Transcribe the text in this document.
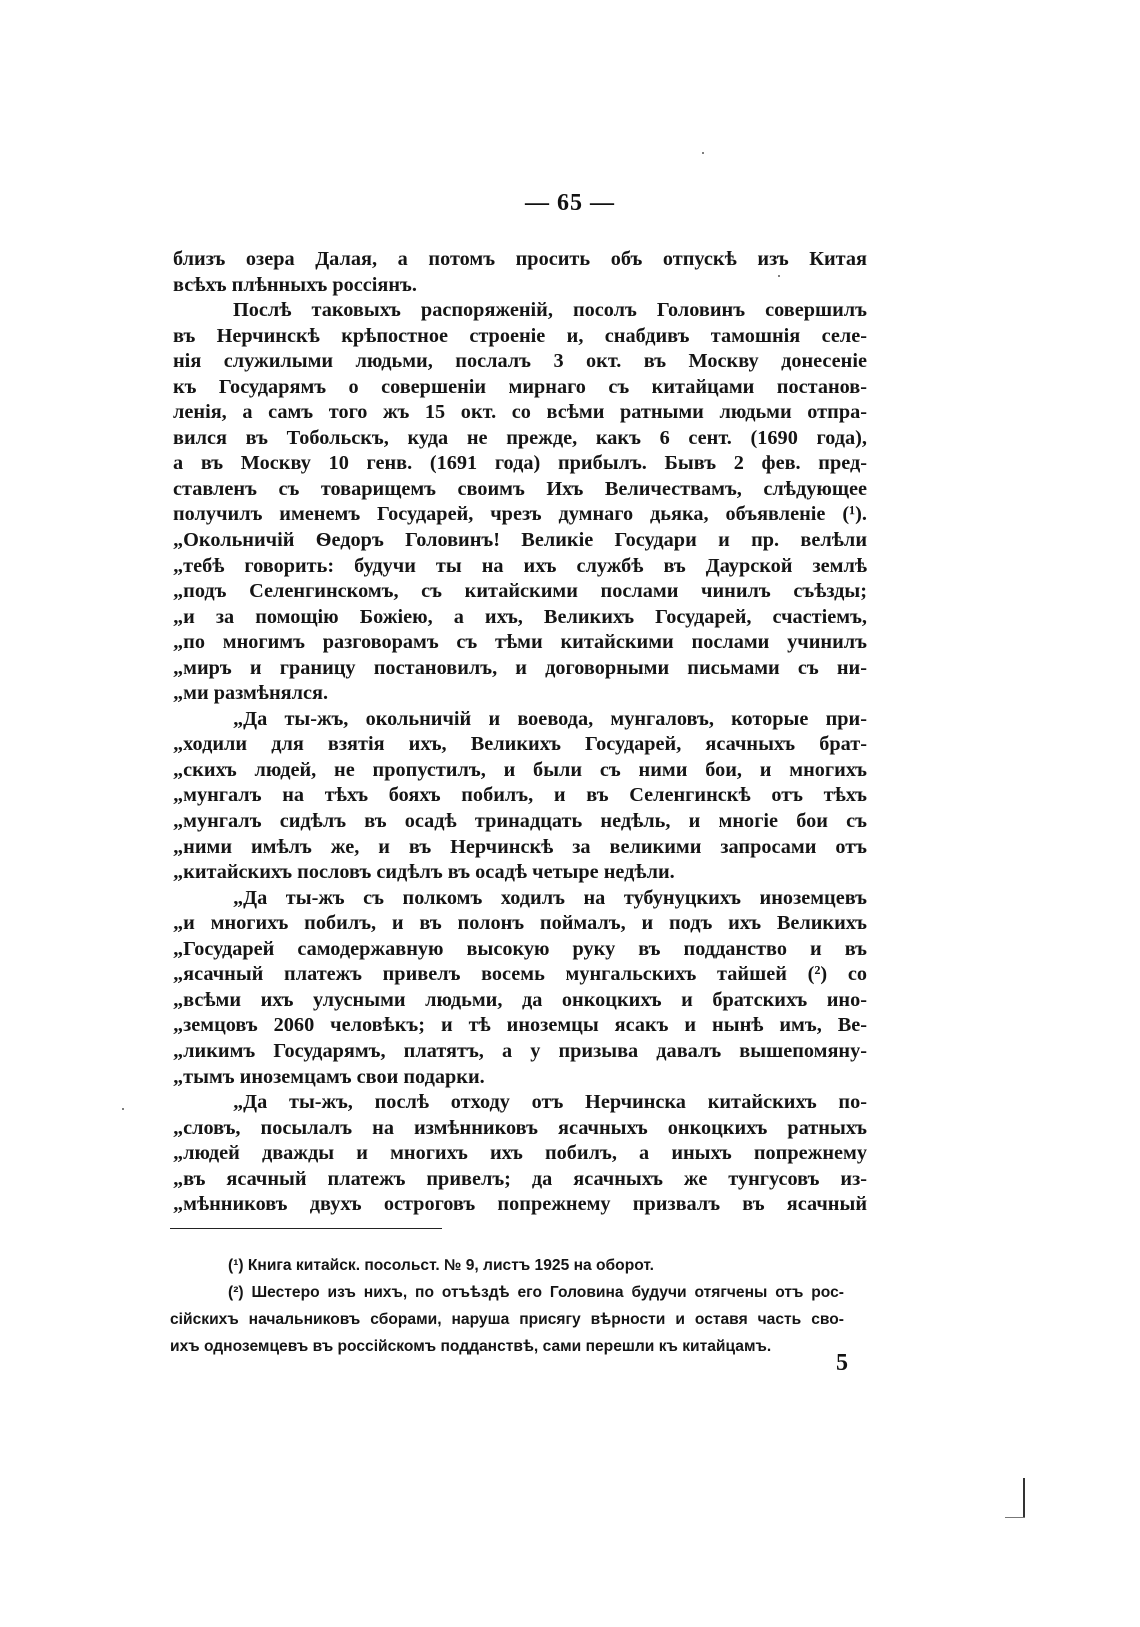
— 65 —
близъ озера Далая, а потомъ просить объ отпускѣ изъ Китая
всѣхъ плѣнныхъ россіянъ.
Послѣ таковыхъ распоряженій, посолъ Головинъ совершилъ
въ Нерчинскѣ крѣпостное строеніе и, снабдивъ тамошнія селе-
нія служилыми людьми, послалъ 3 окт. въ Москву донесеніе
къ Государямъ о совершеніи мирнаго съ китайцами постанов-
ленія, а самъ того жъ 15 окт. со всѣми ратными людьми отпра-
вился въ Тобольскъ, куда не прежде, какъ 6 сент. (1690 года),
а въ Москву 10 генв. (1691 года) прибылъ. Бывъ 2 фев. пред-
ставленъ съ товарищемъ своимъ Ихъ Величествамъ, слѣдующее
получилъ именемъ Государей, чрезъ думнаго дьяка, объявленіе (¹).
„Окольничій Ѳедоръ Головинъ! Великіе Государи и пр. велѣли
„тебѣ говорить: будучи ты на ихъ службѣ въ Даурской землѣ
„подъ Селенгинскомъ, съ китайскими послами чинилъ съѣзды;
„и за помощію Божіею, а ихъ, Великихъ Государей, счастіемъ,
„по многимъ разговорамъ съ тѣми китайскими послами учинилъ
„миръ и границу постановилъ, и договорными письмами съ ни-
„ми размѣнялся.
„Да ты-жъ, окольничій и воевода, мунгаловъ, которые при-
„ходили для взятія ихъ, Великихъ Государей, ясачныхъ брат-
„скихъ людей, не пропустилъ, и были съ ними бои, и многихъ
„мунгалъ на тѣхъ бояхъ побилъ, и въ Селенгинскѣ отъ тѣхъ
„мунгалъ сидѣлъ въ осадѣ тринадцать недѣль, и многіе бои съ
„ними имѣлъ же, и въ Нерчинскѣ за великими запросами отъ
„китайскихъ пословъ сидѣлъ въ осадѣ четыре недѣли.
„Да ты-жъ съ полкомъ ходилъ на тубунуцкихъ иноземцевъ
„и многихъ побилъ, и въ полонъ поймалъ, и подъ ихъ Великихъ
„Государей самодержавную высокую руку въ подданство и въ
„ясачный платежъ привелъ восемь мунгальскихъ тайшей (²) со
„всѣми ихъ улусными людьми, да онкоцкихъ и братскихъ ино-
„земцовъ 2060 человѣкъ; и тѣ иноземцы ясакъ и нынѣ имъ, Ве-
„ликимъ Государямъ, платятъ, а у призыва давалъ вышепомяну-
„тымъ иноземцамъ свои подарки.
„Да ты-жъ, послѣ отходу отъ Нерчинска китайскихъ по-
„словъ, посылалъ на измѣнниковъ ясачныхъ онкоцкихъ ратныхъ
„людей дважды и многихъ ихъ побилъ, а иныхъ попрежнему
„въ ясачный платежъ привелъ; да ясачныхъ же тунгусовъ из-
„мѣнниковъ двухъ остроговъ попрежнему призвалъ въ ясачный
(¹) Книга китайск. посольст. № 9, листъ 1925 на оборот.
(²) Шестеро изъ нихъ, по отъѣздѣ его Головина будучи отягчены отъ рос-
сійскихъ начальниковъ сборами, наруша присягу вѣрности и оставя часть сво-
ихъ одноземцевъ въ россійскомъ подданствѣ, сами перешли къ китайцамъ.
5
